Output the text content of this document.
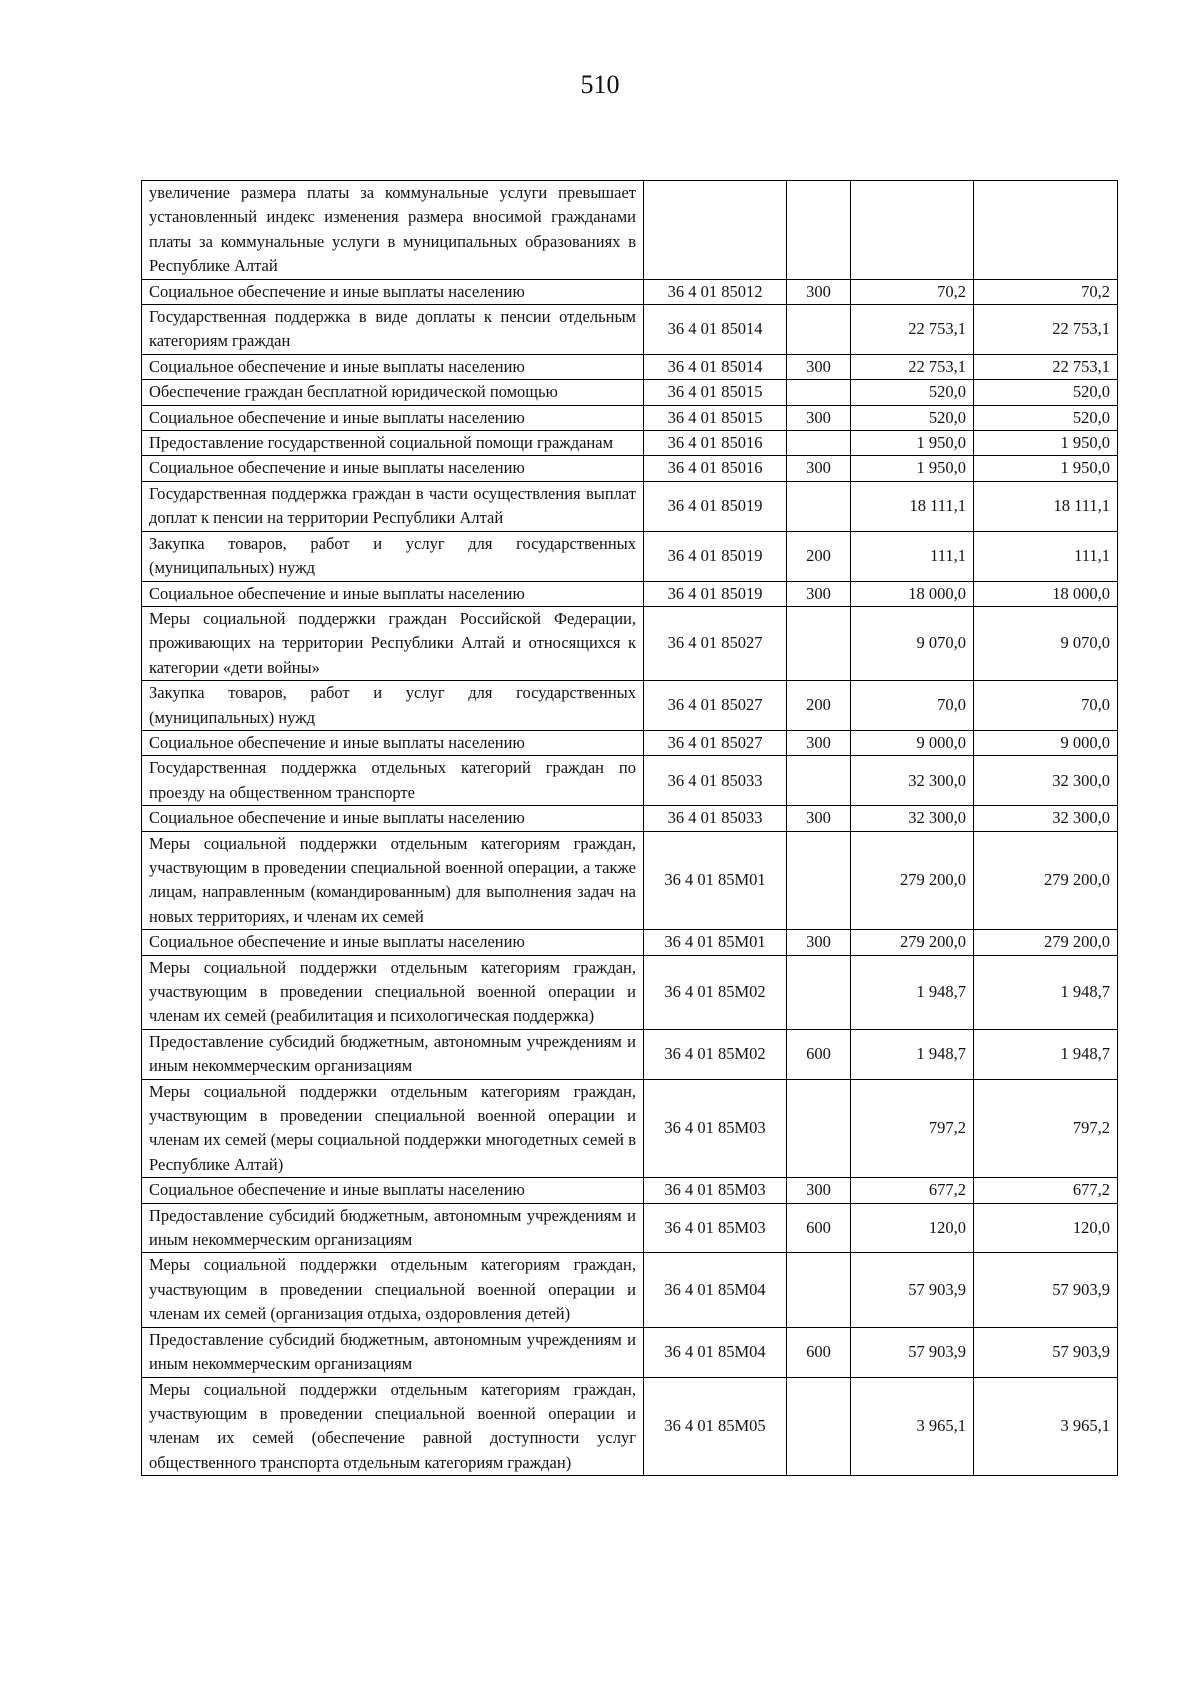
510
увеличение размера платы за коммунальные услуги превышает установленный индекс изменения размера вносимой гражданами платы за коммунальные услуги в муниципальных образованиях в Республике Алтай				
Социальное обеспечение и иные выплаты населению	36 4 01 85012	300	70,2	70,2
Государственная поддержка в виде доплаты к пенсии отдельным категориям граждан	36 4 01 85014		22 753,1	22 753,1
Социальное обеспечение и иные выплаты населению	36 4 01 85014	300	22 753,1	22 753,1
Обеспечение граждан бесплатной юридической помощью	36 4 01 85015		520,0	520,0
Социальное обеспечение и иные выплаты населению	36 4 01 85015	300	520,0	520,0
Предоставление государственной социальной помощи гражданам	36 4 01 85016		1 950,0	1 950,0
Социальное обеспечение и иные выплаты населению	36 4 01 85016	300	1 950,0	1 950,0
Государственная поддержка граждан в части осуществления выплат доплат к пенсии на территории Республики Алтай	36 4 01 85019		18 111,1	18 111,1
Закупка товаров, работ и услуг для государственных (муниципальных) нужд	36 4 01 85019	200	111,1	111,1
Социальное обеспечение и иные выплаты населению	36 4 01 85019	300	18 000,0	18 000,0
Меры социальной поддержки граждан Российской Федерации, проживающих на территории Республики Алтай и относящихся к категории «дети войны»	36 4 01 85027		9 070,0	9 070,0
Закупка товаров, работ и услуг для государственных (муниципальных) нужд	36 4 01 85027	200	70,0	70,0
Социальное обеспечение и иные выплаты населению	36 4 01 85027	300	9 000,0	9 000,0
Государственная поддержка отдельных категорий граждан по проезду на общественном транспорте	36 4 01 85033		32 300,0	32 300,0
Социальное обеспечение и иные выплаты населению	36 4 01 85033	300	32 300,0	32 300,0
Меры социальной поддержки отдельным категориям граждан, участвующим в проведении специальной военной операции, а также лицам, направленным (командированным) для выполнения задач на новых территориях, и членам их семей	36 4 01 85М01		279 200,0	279 200,0
Социальное обеспечение и иные выплаты населению	36 4 01 85М01	300	279 200,0	279 200,0
Меры социальной поддержки отдельным категориям граждан, участвующим в проведении специальной военной операции и членам их семей (реабилитация и психологическая поддержка)	36 4 01 85М02		1 948,7	1 948,7
Предоставление субсидий бюджетным, автономным учреждениям и иным некоммерческим организациям	36 4 01 85М02	600	1 948,7	1 948,7
Меры социальной поддержки отдельным категориям граждан, участвующим в проведении специальной военной операции и членам их семей (меры социальной поддержки многодетных семей в Республике Алтай)	36 4 01 85М03		797,2	797,2
Социальное обеспечение и иные выплаты населению	36 4 01 85М03	300	677,2	677,2
Предоставление субсидий бюджетным, автономным учреждениям и иным некоммерческим организациям	36 4 01 85М03	600	120,0	120,0
Меры социальной поддержки отдельным категориям граждан, участвующим в проведении специальной военной операции и членам их семей (организация отдыха, оздоровления детей)	36 4 01 85М04		57 903,9	57 903,9
Предоставление субсидий бюджетным, автономным учреждениям и иным некоммерческим организациям	36 4 01 85М04	600	57 903,9	57 903,9
Меры социальной поддержки отдельным категориям граждан, участвующим в проведении специальной военной операции и членам их семей (обеспечение равной доступности услуг общественного транспорта отдельным категориям граждан)	36 4 01 85М05		3 965,1	3 965,1
